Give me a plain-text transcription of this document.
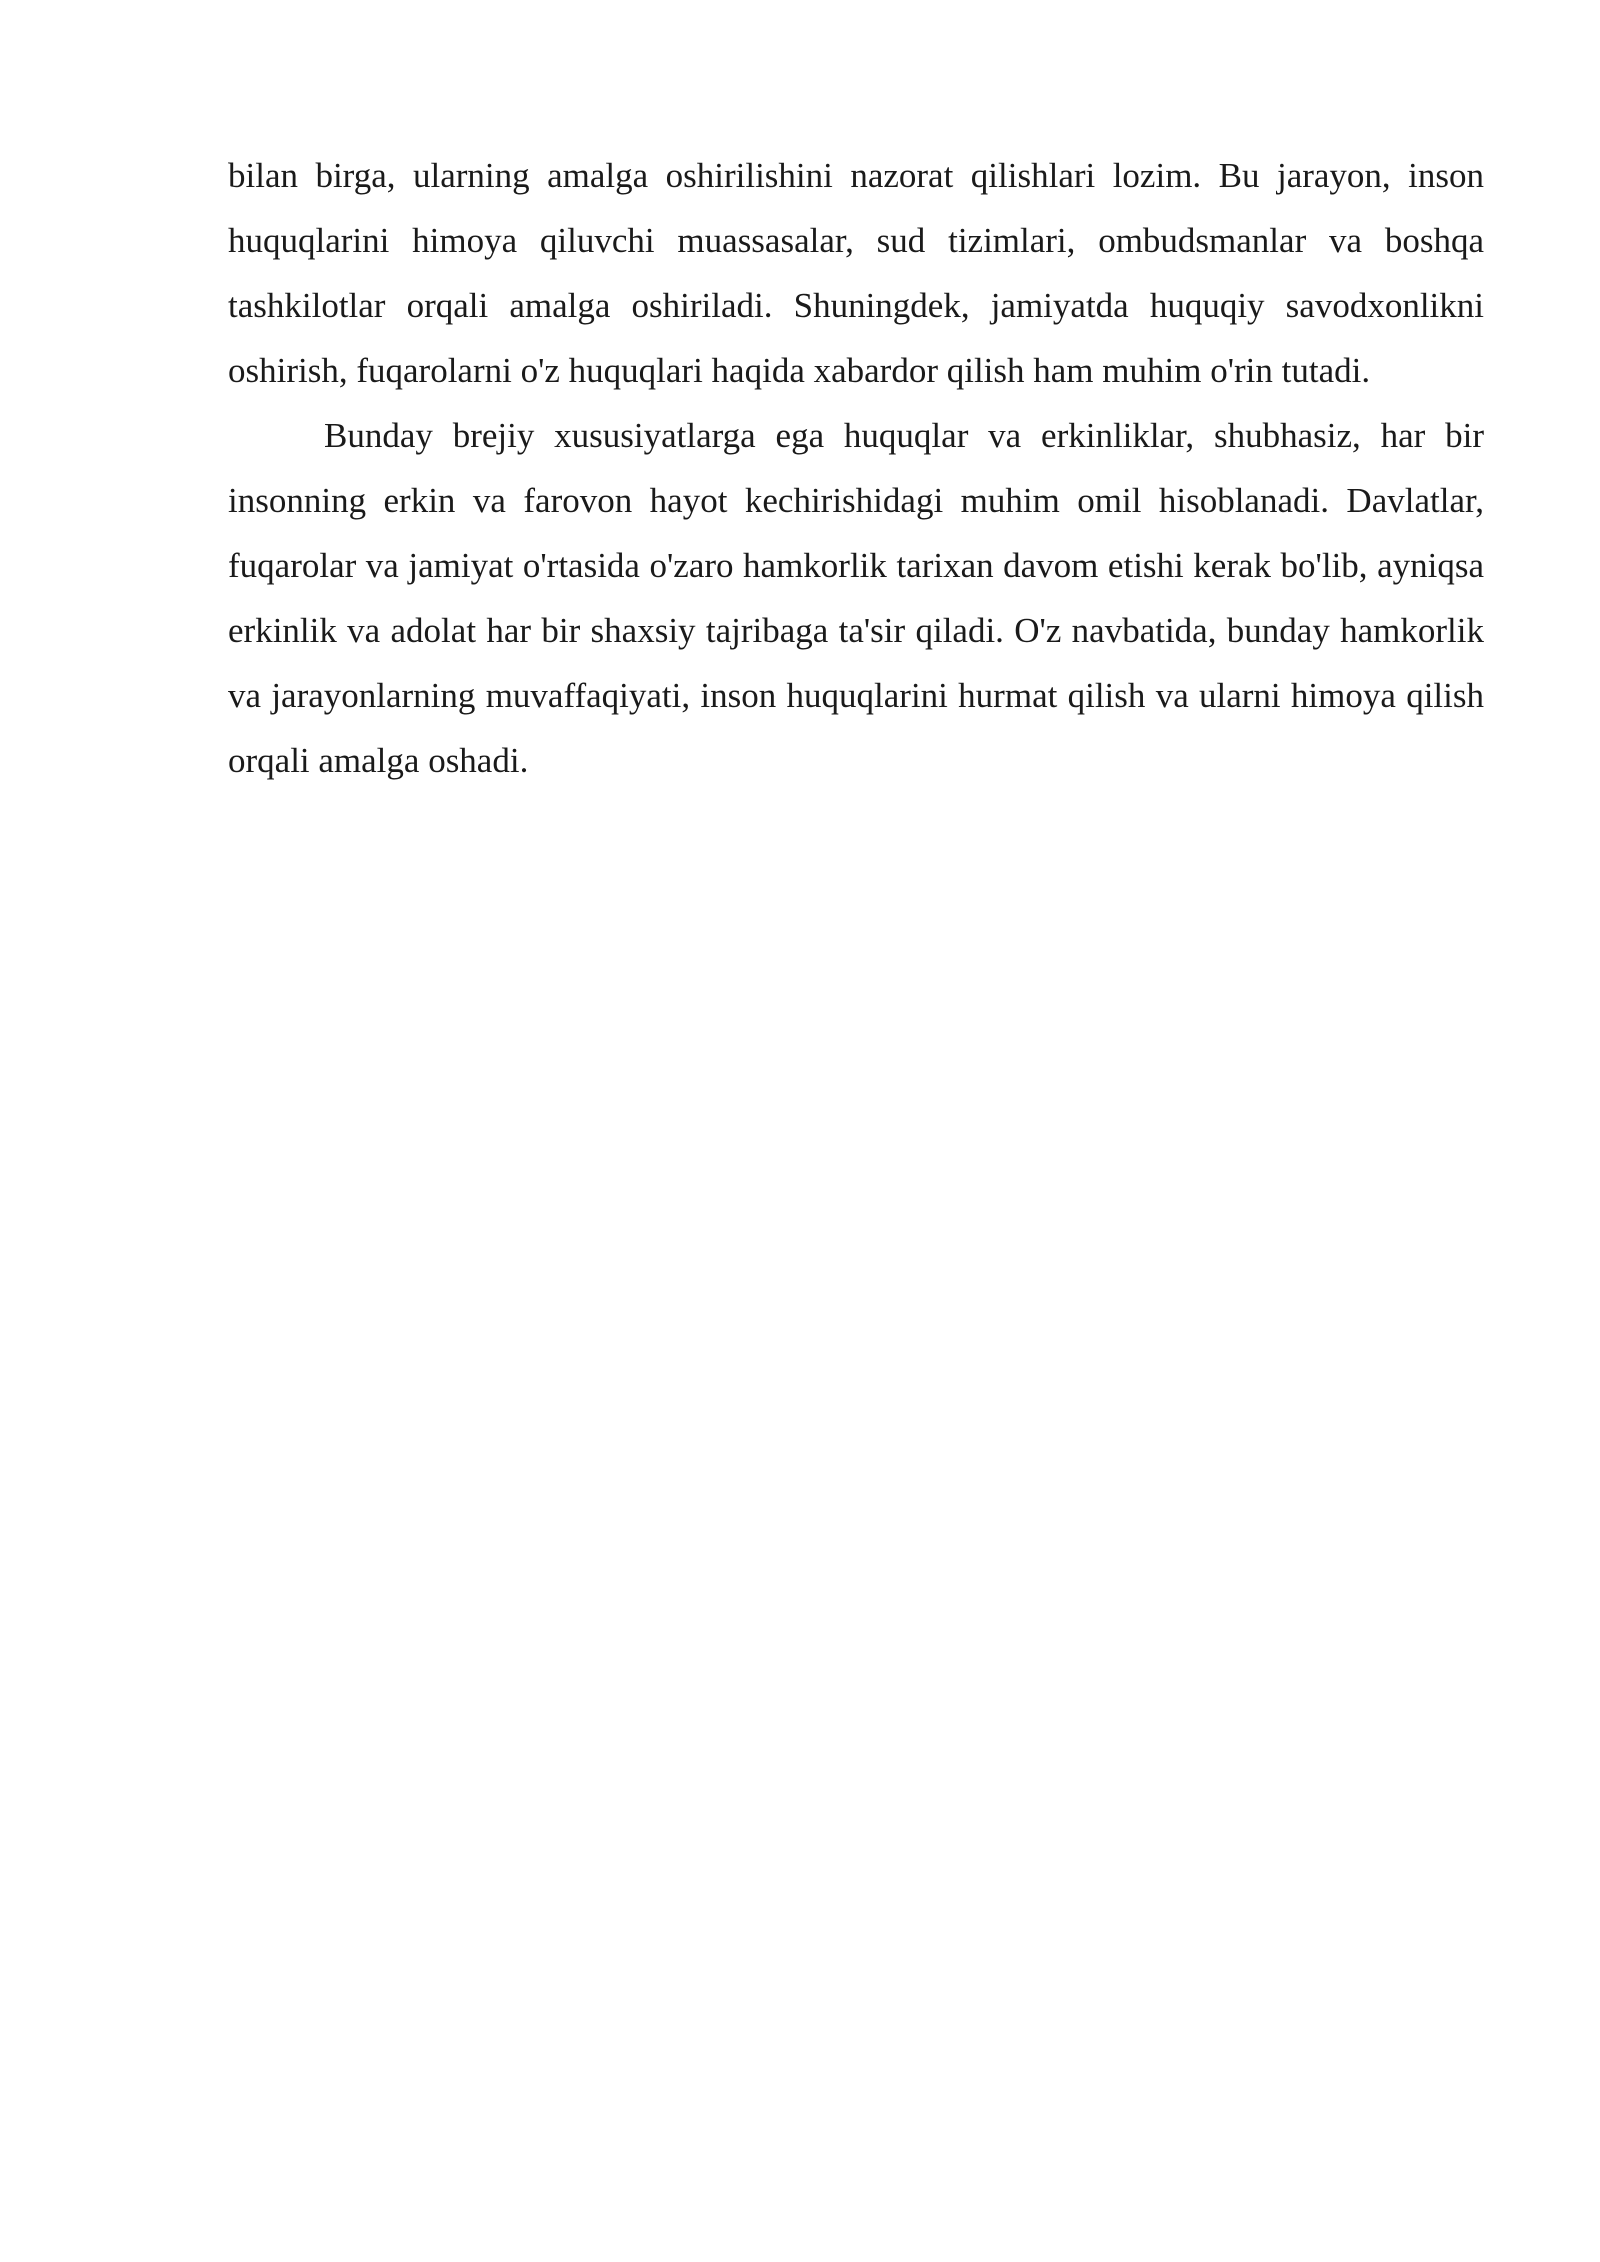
bilan birga, ularning amalga oshirilishini nazorat qilishlari lozim. Bu jarayon, inson huquqlarini himoya qiluvchi muassasalar, sud tizimlari, ombudsmanlar va boshqa tashkilotlar orqali amalga oshiriladi. Shuningdek, jamiyatda huquqiy savodxonlikni oshirish, fuqarolarni o'z huquqlari haqida xabardor qilish ham muhim o'rin tutadi.

Bunday brejiy xususiyatlarga ega huquqlar va erkinliklar, shubhasiz, har bir insonning erkin va farovon hayot kechirishidagi muhim omil hisoblanadi. Davlatlar, fuqarolar va jamiyat o'rtasida o'zaro hamkorlik tarixan davom etishi kerak bo'lib, ayniqsa erkinlik va adolat har bir shaxsiy tajribaga ta'sir qiladi. O'z navbatida, bunday hamkorlik va jarayonlarning muvaffaqiyati, inson huquqlarini hurmat qilish va ularni himoya qilish orqali amalga oshadi.
